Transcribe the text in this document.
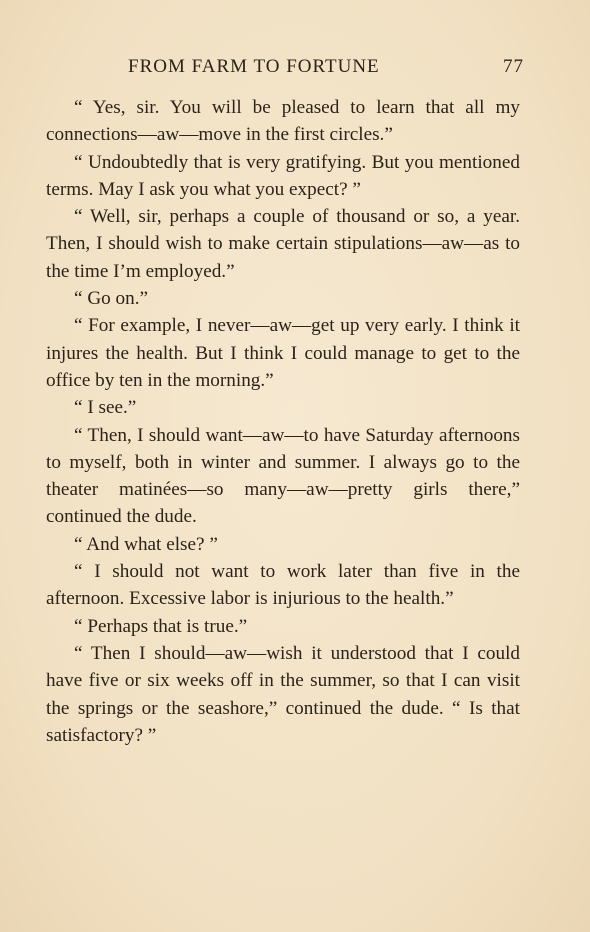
FROM FARM TO FORTUNE	77

“ Yes, sir. You will be pleased to learn that all my connections—aw—move in the first circles.”

“ Undoubtedly that is very gratifying. But you mentioned terms. May I ask you what you expect? ”

“ Well, sir, perhaps a couple of thousand or so, a year. Then, I should wish to make certain stipulations—aw—as to the time I’m employed.”

“ Go on.”

“ For example, I never—aw—get up very early. I think it injures the health. But I think I could manage to get to the office by ten in the morning.”

“ I see.”

“ Then, I should want—aw—to have Saturday afternoons to myself, both in winter and summer. I always go to the theater matinées—so many—aw—pretty girls there,” continued the dude.

“ And what else? ”

“ I should not want to work later than five in the afternoon. Excessive labor is injurious to the health.”

“ Perhaps that is true.”

“ Then I should—aw—wish it understood that I could have five or six weeks off in the summer, so that I can visit the springs or the seashore,” continued the dude. “ Is that satisfactory? ”
